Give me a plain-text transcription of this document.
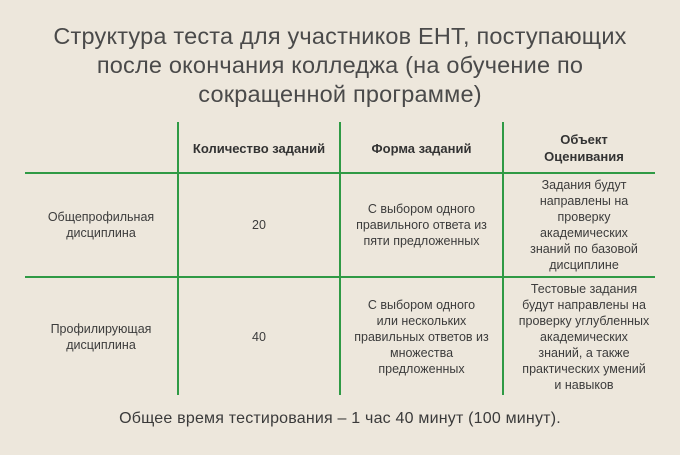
Структура теста для участников ЕНТ, поступающих
после окончания колледжа (на обучение по
сокращенной программе)
Количество заданий	Форма заданий
Объект
Оценивания
Общепрофильная
дисциплина
20
С выбором одного
правильного ответа из
пяти предложенных
Задания будут
направлены на
проверку
академических
знаний по базовой
дисциплине
Профилирующая
дисциплина
40
С выбором одного
или нескольких
правильных ответов из
множества
предложенных
Тестовые задания
будут направлены на
проверку углубленных
академических
знаний, а также
практических умений
и навыков
Общее время тестирования – 1 час 40 минут (100 минут).
